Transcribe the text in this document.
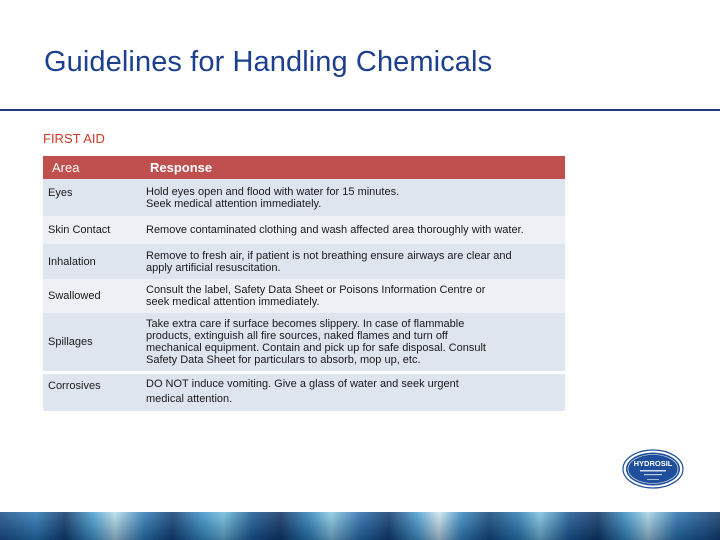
Guidelines for Handling Chemicals
FIRST AID
Area	Response
Eyes	Hold eyes open and flood with water for 15 minutes.
Seek medical attention immediately.
Skin Contact	Remove contaminated clothing and wash affected area thoroughly with water.
Inhalation	Remove to fresh air, if patient is not breathing ensure airways are clear and
apply artificial resuscitation.
Swallowed	Consult the label, Safety Data Sheet or Poisons Information Centre or
seek medical attention immediately.
Spillages	Take extra care if surface becomes slippery. In case of flammable
products, extinguish all fire sources, naked flames and turn off
mechanical equipment. Contain and pick up for safe disposal. Consult
Safety Data Sheet for particulars to absorb, mop up, etc.
Corrosives	DO NOT induce vomiting. Give a glass of water and seek urgent
medical attention.
HYDROSIL
